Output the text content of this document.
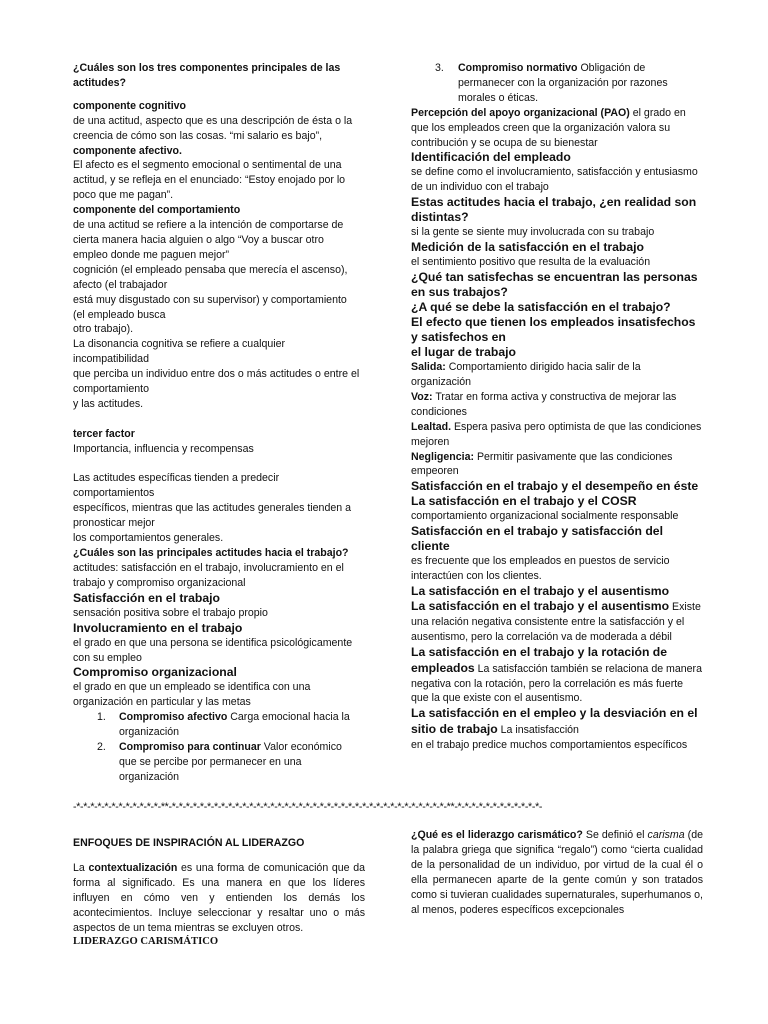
¿Cuáles son los tres componentes principales de las actitudes?

componente cognitivo

de una actitud, aspecto que es una descripción de ésta o la creencia de cómo son las cosas. “mi salario es bajo”,

componente afectivo.

El afecto es el segmento emocional o sentimental de una actitud, y se refleja en el enunciado: “Estoy enojado por lo poco que me pagan”.

componente del comportamiento

de una actitud se refiere a la intención de comportarse de cierta manera hacia alguien o algo “Voy a buscar otro empleo donde me paguen mejor”

cognición (el empleado pensaba que merecía el ascenso), afecto (el trabajador

está muy disgustado con su supervisor) y comportamiento (el empleado busca

otro trabajo).

La disonancia cognitiva se refiere a cualquier incompatibilidad

que perciba un individuo entre dos o más actitudes o entre el comportamiento

y las actitudes.

tercer factor

Importancia, influencia y recompensas

Las actitudes específicas tienden a predecir comportamientos

específicos, mientras que las actitudes generales tienden a pronosticar mejor

los comportamientos generales.

¿Cuáles son las principales actitudes hacia el trabajo?

actitudes: satisfacción en el trabajo, involucramiento en el trabajo y compromiso organizacional

Satisfacción en el trabajo

sensación positiva sobre el trabajo propio

Involucramiento en el trabajo

el grado en que una persona se identifica psicológicamente con su empleo

Compromiso organizacional

el grado en que un empleado se identifica con una organización en particular y las metas

1. Compromiso afectivo Carga emocional hacia la organización
2. Compromiso para continuar Valor económico que se percibe por permanecer en una organización
3. Compromiso normativo Obligación de permanecer con la organización por razones morales o éticas.

Percepción del apoyo organizacional (PAO) el grado en que los empleados creen que la organización valora su contribución y se ocupa de su bienestar

Identificación del empleado

se define como el involucramiento, satisfacción y entusiasmo de un individuo con el trabajo

Estas actitudes hacia el trabajo, ¿en realidad son distintas?

si la gente se siente muy involucrada con su trabajo

Medición de la satisfacción en el trabajo

el sentimiento positivo que resulta de la evaluación

¿Qué tan satisfechas se encuentran las personas en sus trabajos?

¿A qué se debe la satisfacción en el trabajo?

El efecto que tienen los empleados insatisfechos y satisfechos en

el lugar de trabajo

Salida: Comportamiento dirigido hacia salir de la organización

Voz: Tratar en forma activa y constructiva de mejorar las condiciones

Lealtad. Espera pasiva pero optimista de que las condiciones mejoren

Negligencia: Permitir pasivamente que las condiciones empeoren

Satisfacción en el trabajo y el desempeño en éste

La satisfacción en el trabajo y el COSR

comportamiento organizacional socialmente responsable

Satisfacción en el trabajo y satisfacción del cliente

es frecuente que los empleados en puestos de servicio interactúen con los clientes.

La satisfacción en el trabajo y el ausentismo

La satisfacción en el trabajo y el ausentismo Existe una relación negativa consistente entre la satisfacción y el ausentismo, pero la correlación va de moderada a débil

La satisfacción en el trabajo y la rotación de empleados La satisfacción también se relaciona de manera negativa con la rotación, pero la correlación es más fuerte que la que existe con el ausentismo.

La satisfacción en el empleo y la desviación en el sitio de trabajo La insatisfacción

en el trabajo predice muchos comportamientos específicos

-*-*-*-*-*-*-*-*-*-*-*-*-**-*-*-*-*-*-*-*-*-*-*-*-*-*-*-*-*-*-*-*-*-*-*-*-*-*-*-*-*-*-*-*-*-*-*-*-*-*-*-*-**-*-*-*-*-*-*-*-*-*-*-*-*-

ENFOQUES DE INSPIRACIÓN AL LIDERAZGO

La contextualización es una forma de comunicación que da forma al significado. Es una manera en que los líderes influyen en cómo ven y entienden los demás los acontecimientos. Incluye seleccionar y resaltar uno o más aspectos de un tema mientras se excluyen otros.

LIDERAZGO CARISMÁTICO

¿Qué es el liderazgo carismático? Se definió el carisma (de la palabra griega que significa “regalo”) como “cierta cualidad de la personalidad de un individuo, por virtud de la cual él o ella permanecen aparte de la gente común y son tratados como si tuvieran cualidades supernaturales, superhumanos o, al menos, poderes específicos excepcionales
